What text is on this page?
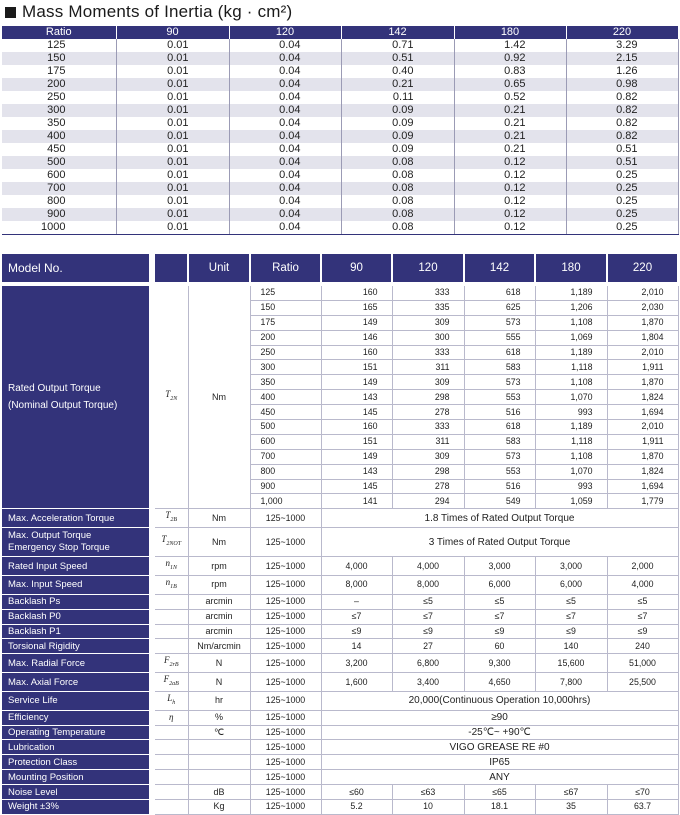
Mass Moments of Inertia (kg · cm²)
Ratio	90	120	142	180	220
125	0.01	0.04	0.71	1.42	3.29
150	0.01	0.04	0.51	0.92	2.15
175	0.01	0.04	0.40	0.83	1.26
200	0.01	0.04	0.21	0.65	0.98
250	0.01	0.04	0.11	0.52	0.82
300	0.01	0.04	0.09	0.21	0.82
350	0.01	0.04	0.09	0.21	0.82
400	0.01	0.04	0.09	0.21	0.82
450	0.01	0.04	0.09	0.21	0.51
500	0.01	0.04	0.08	0.12	0.51
600	0.01	0.04	0.08	0.12	0.25
700	0.01	0.04	0.08	0.12	0.25
800	0.01	0.04	0.08	0.12	0.25
900	0.01	0.04	0.08	0.12	0.25
1000	0.01	0.04	0.08	0.12	0.25
Model No.		Unit	Ratio	90	120	142	180	220

Rated Output Torque
(Nominal Output Torque)	$T_{2N}$	Nm	125	160	333	618	1,189	2,010
			150	165	335	625	1,206	2,030
			175	149	309	573	1,108	1,870
			200	146	300	555	1,069	1,804
			250	160	333	618	1,189	2,010
			300	151	311	583	1,118	1,911
			350	149	309	573	1,108	1,870
			400	143	298	553	1,070	1,824
			450	145	278	516	993	1,694
			500	160	333	618	1,189	2,010
			600	151	311	583	1,118	1,911
			700	149	309	573	1,108	1,870
			800	143	298	553	1,070	1,824
			900	145	278	516	993	1,694
			1,000	141	294	549	1,059	1,779
Max. Acceleration Torque	$T_{2B}$	Nm	125~1000	1.8 Times of Rated Output Torque				

Max. Output Torque
Emergency Stop Torque	$T_{2NOT}$	Nm	125~1000	3 Times of Rated Output Torque				
Rated Input Speed	$n_{1N}$	rpm	125~1000	4,000	4,000	3,000	3,000	2,000
Max. Input Speed	$n_{1B}$	rpm	125~1000	8,000	8,000	6,000	6,000	4,000
Backlash Ps		arcmin	125~1000	–	≤5	≤5	≤5	≤5
Backlash P0		arcmin	125~1000	≤7	≤7	≤7	≤7	≤7
Backlash P1		arcmin	125~1000	≤9	≤9	≤9	≤9	≤9
Torsional Rigidity		Nm/arcmin	125~1000	14	27	60	140	240
Max. Radial Force	$F_{2rB}$	N	125~1000	3,200	6,800	9,300	15,600	51,000
Max. Axial Force	$F_{2aB}$	N	125~1000	1,600	3,400	4,650	7,800	25,500
Service Life	$L_h$	hr	125~1000	20,000(Continuous Operation 10,000hrs)				
Efficiency	η	%	125~1000	≥90				
Operating Temperature		℃	125~1000	-25℃~ +90℃				
Lubrication			125~1000	VIGO GREASE RE #0				
Protection Class			125~1000	IP65				
Mounting Position			125~1000	ANY				
Noise Level		dB	125~1000	≤60	≤63	≤65	≤67	≤70
Weight ±3%		Kg	125~1000	5.2	10	18.1	35	63.7
